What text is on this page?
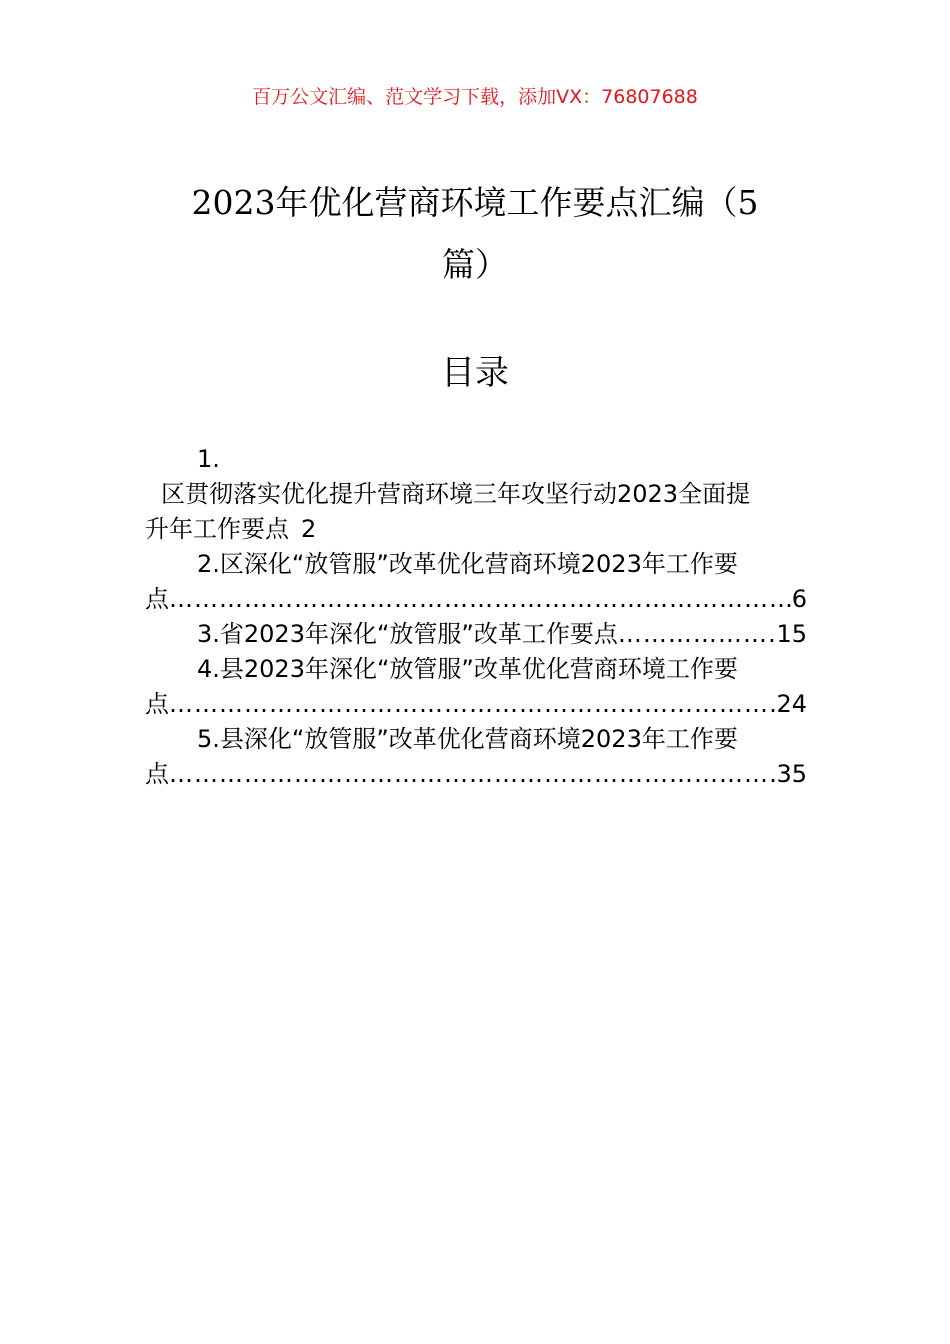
百万公文汇编、范文学习下载，添加VX：76807688
2023年优化营商环境工作要点汇编（5篇）
目录
1.
区贯彻落实优化提升营商环境三年攻坚行动2023全面提
升年工作要点 2
2.区深化“放管服”改革优化营商环境2023年工作要
点 ……………………………………………………………………………………………………………………………………………………………………	6
3.省2023年深化“放管服”改革工作要点 ……………………………………………………………………………………………………………………………………………………………………	15
4.县2023年深化“放管服”改革优化营商环境工作要
点 ……………………………………………………………………………………………………………………………………………………………………	24
5.县深化“放管服”改革优化营商环境2023年工作要
点 ……………………………………………………………………………………………………………………………………………………………………	35
